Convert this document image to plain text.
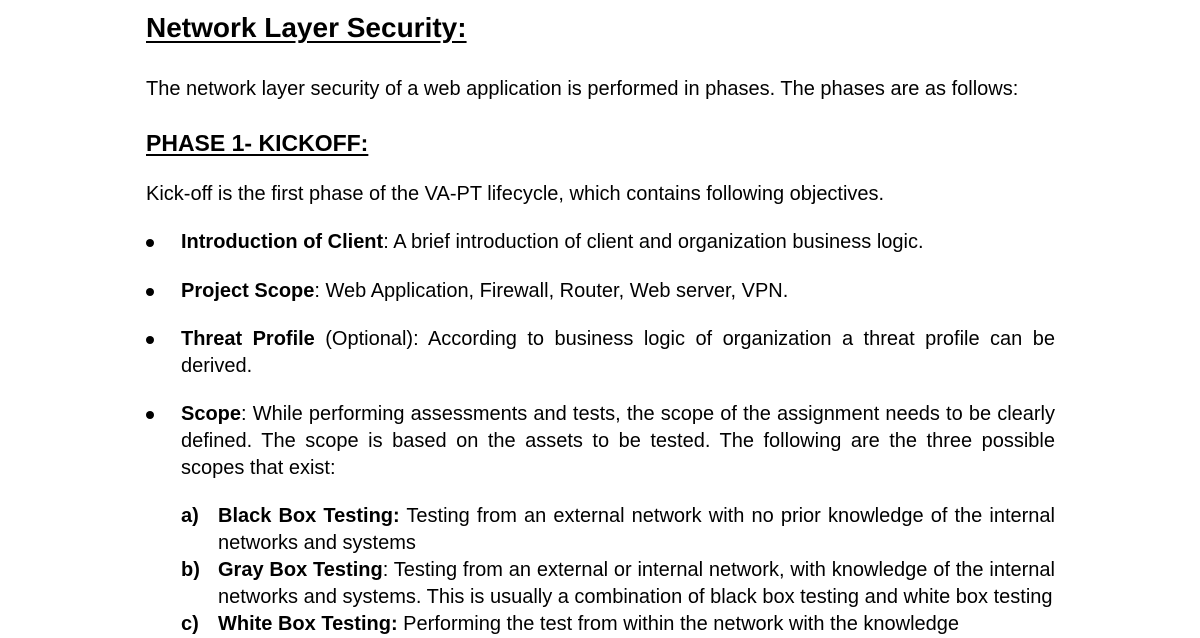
Network Layer Security:

The network layer security of a web application is performed in phases. The phases are as follows:

PHASE 1- KICKOFF:

Kick-off is the first phase of the VA-PT lifecycle, which contains following objectives.

Introduction of Client: A brief introduction of client and organization business logic.

Project Scope: Web Application, Firewall, Router, Web server, VPN.

Threat Profile (Optional): According to business logic of organization a threat profile can be derived.

Scope: While performing assessments and tests, the scope of the assignment needs to be clearly defined. The scope is based on the assets to be tested. The following are the three possible scopes that exist:

a) Black Box Testing: Testing from an external network with no prior knowledge of the internal networks and systems

b) Gray Box Testing: Testing from an external or internal network, with knowledge of the internal networks and systems. This is usually a combination of black box testing and white box testing

c) White Box Testing: Performing the test from within the network with the knowledge
